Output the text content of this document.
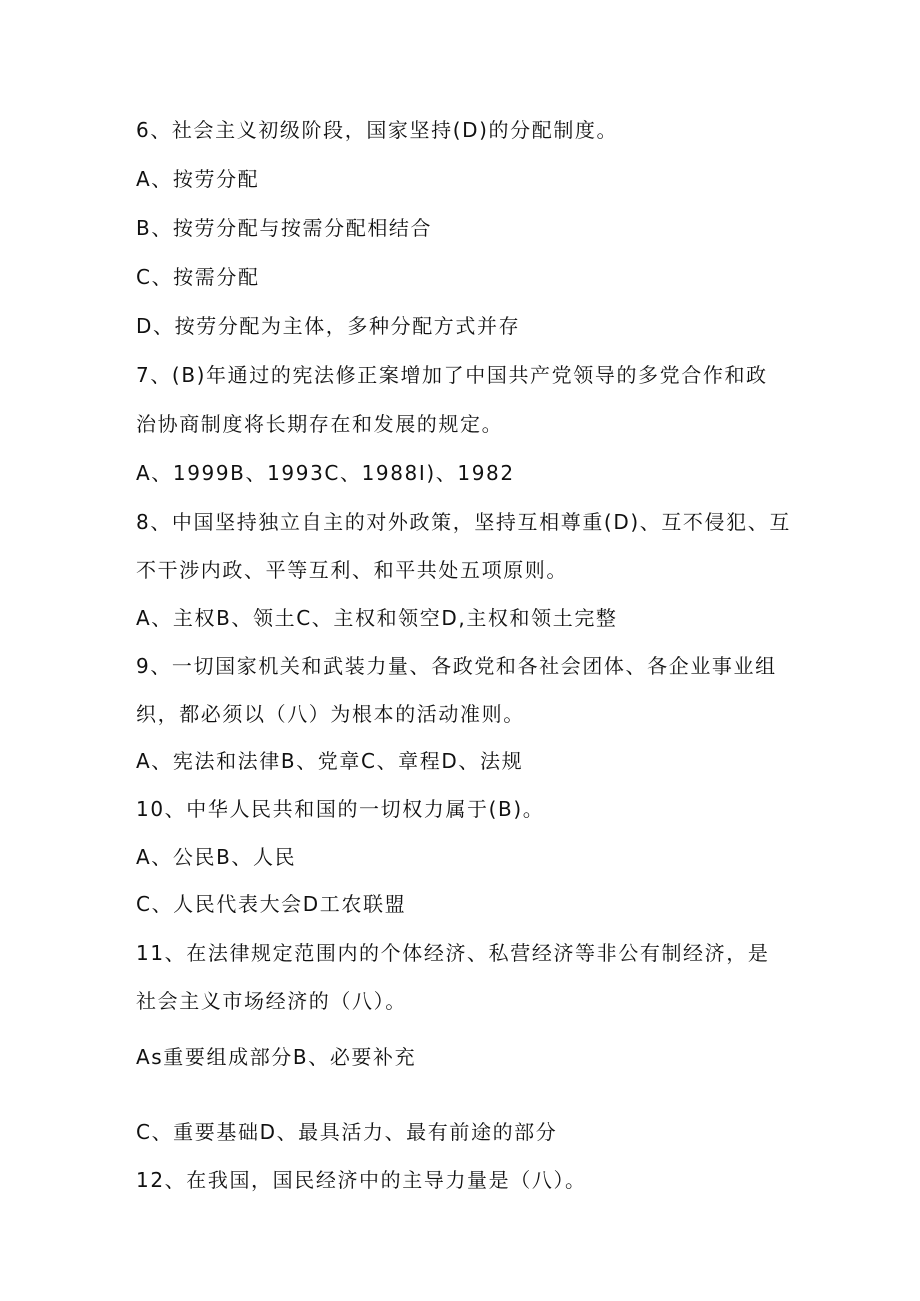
6、社会主义初级阶段，国家坚持(D)的分配制度。

A、按劳分配

B、按劳分配与按需分配相结合

C、按需分配

D、按劳分配为主体，多种分配方式并存

7、(B)年通过的宪法修正案增加了中国共产党领导的多党合作和政

治协商制度将长期存在和发展的规定。

A、1999B、1993C、1988I)、1982

8、中国坚持独立自主的对外政策，坚持互相尊重(D)、互不侵犯、互

不干涉内政、平等互利、和平共处五项原则。

A、主权B、领土C、主权和领空D,主权和领土完整

9、一切国家机关和武装力量、各政党和各社会团体、各企业事业组

织，都必须以（八）为根本的活动准则。

A、宪法和法律B、党章C、章程D、法规

10、中华人民共和国的一切权力属于(B)。

A、公民B、人民

C、人民代表大会D工农联盟

11、在法律规定范围内的个体经济、私营经济等非公有制经济，是

社会主义市场经济的（八）。

As重要组成部分B、必要补充

C、重要基础D、最具活力、最有前途的部分

12、在我国，国民经济中的主导力量是（八）。
